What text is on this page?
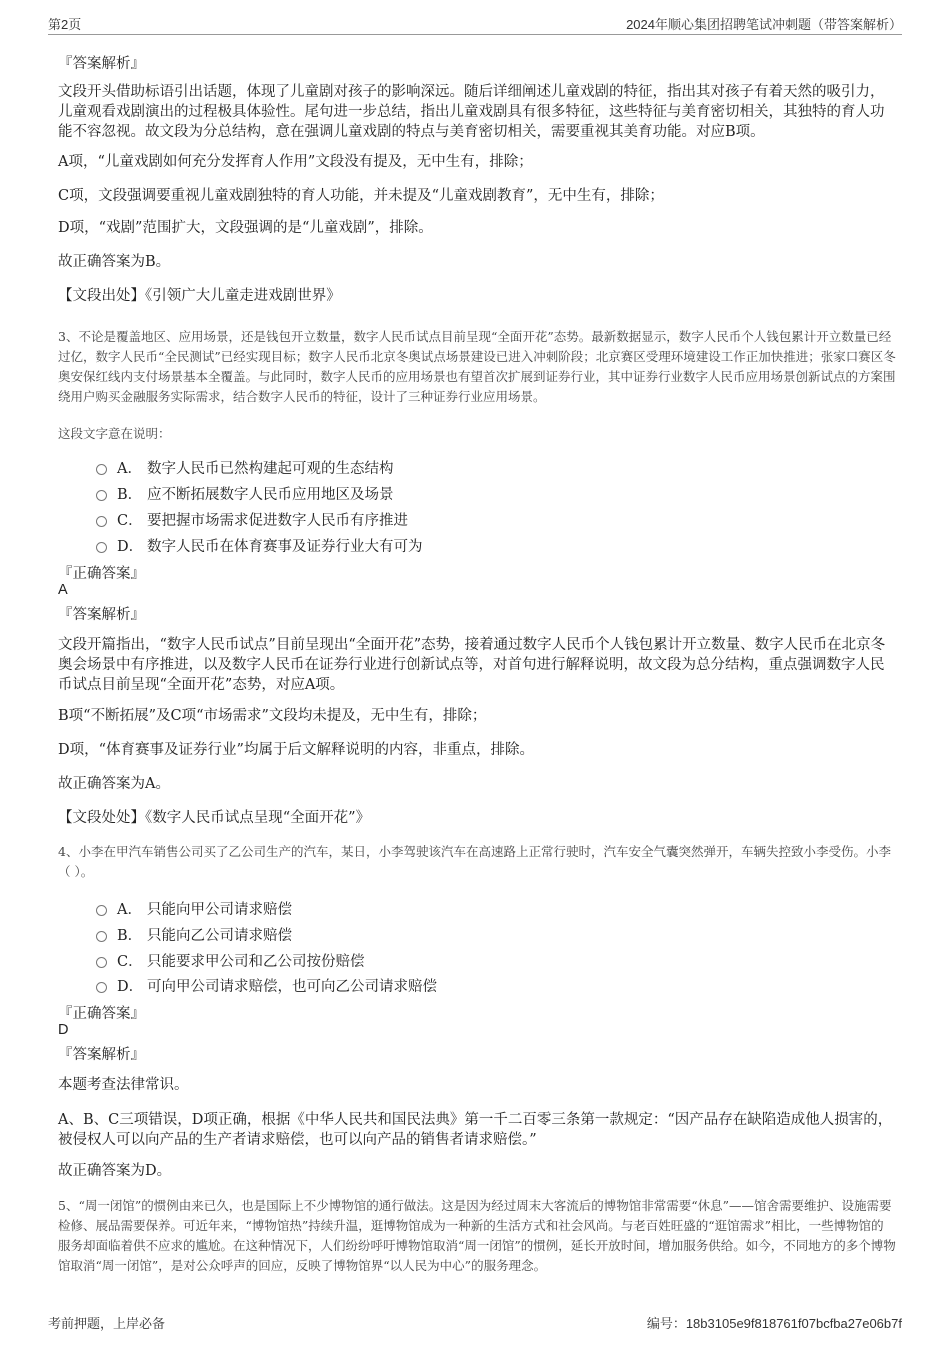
第2页	2024年顺心集团招聘笔试冲刺题（带答案解析）
『答案解析』
文段开头借助标语引出话题，体现了儿童剧对孩子的影响深远。随后详细阐述儿童戏剧的特征，指出其对孩子有着天然的吸引力，儿童观看戏剧演出的过程极具体验性。尾句进一步总结，指出儿童戏剧具有很多特征，这些特征与美育密切相关，其独特的育人功能不容忽视。故文段为分总结构，意在强调儿童戏剧的特点与美育密切相关，需要重视其美育功能。对应B项。
A项，“儿童戏剧如何充分发挥育人作用”文段没有提及，无中生有，排除；
C项，文段强调要重视儿童戏剧独特的育人功能，并未提及“儿童戏剧教育”，无中生有，排除；
D项，“戏剧”范围扩大，文段强调的是“儿童戏剧”，排除。
故正确答案为B。
【文段出处】《引领广大儿童走进戏剧世界》
3、不论是覆盖地区、应用场景，还是钱包开立数量，数字人民币试点目前呈现“全面开花”态势。最新数据显示，数字人民币个人钱包累计开立数量已经过亿，数字人民币“全民测试”已经实现目标；数字人民币北京冬奥试点场景建设已进入冲刺阶段；北京赛区受理环境建设工作正加快推进；张家口赛区冬奥安保红线内支付场景基本全覆盖。与此同时，数字人民币的应用场景也有望首次扩展到证券行业，其中证券行业数字人民币应用场景创新试点的方案围绕用户购买金融服务实际需求，结合数字人民币的特征，设计了三种证券行业应用场景。
这段文字意在说明：
A． 数字人民币已然构建起可观的生态结构
B． 应不断拓展数字人民币应用地区及场景
C． 要把握市场需求促进数字人民币有序推进
D． 数字人民币在体育赛事及证券行业大有可为
『正确答案』
A
『答案解析』
文段开篇指出，“数字人民币试点”目前呈现出“全面开花”态势，接着通过数字人民币个人钱包累计开立数量、数字人民币在北京冬奥会场景中有序推进，以及数字人民币在证券行业进行创新试点等，对首句进行解释说明，故文段为总分结构，重点强调数字人民币试点目前呈现“全面开花”态势，对应A项。
B项“不断拓展”及C项“市场需求”文段均未提及，无中生有，排除；
D项，“体育赛事及证券行业”均属于后文解释说明的内容，非重点，排除。
故正确答案为A。
【文段处处】《数字人民币试点呈现“全面开花”》
4、小李在甲汽车销售公司买了乙公司生产的汽车，某日，小李驾驶该汽车在高速路上正常行驶时，汽车安全气囊突然弹开，车辆失控致小李受伤。小李（ ）。
A． 只能向甲公司请求赔偿
B． 只能向乙公司请求赔偿
C． 只能要求甲公司和乙公司按份赔偿
D． 可向甲公司请求赔偿，也可向乙公司请求赔偿
『正确答案』
D
『答案解析』
本题考查法律常识。
A、B、C三项错误，D项正确，根据《中华人民共和国民法典》第一千二百零三条第一款规定：“因产品存在缺陷造成他人损害的，被侵权人可以向产品的生产者请求赔偿，也可以向产品的销售者请求赔偿。”
故正确答案为D。
5、“周一闭馆”的惯例由来已久，也是国际上不少博物馆的通行做法。这是因为经过周末大客流后的博物馆非常需要“休息”——馆舍需要维护、设施需要检修、展品需要保养。可近年来，“博物馆热”持续升温，逛博物馆成为一种新的生活方式和社会风尚。与老百姓旺盛的“逛馆需求”相比，一些博物馆的服务却面临着供不应求的尴尬。在这种情况下，人们纷纷呼吁博物馆取消“周一闭馆”的惯例，延长开放时间，增加服务供给。如今，不同地方的多个博物馆取消“周一闭馆”，是对公众呼声的回应，反映了博物馆界“以人民为中心”的服务理念。
考前押题，上岸必备	编号：18b3105e9f818761f07bcfba27e06b7f
